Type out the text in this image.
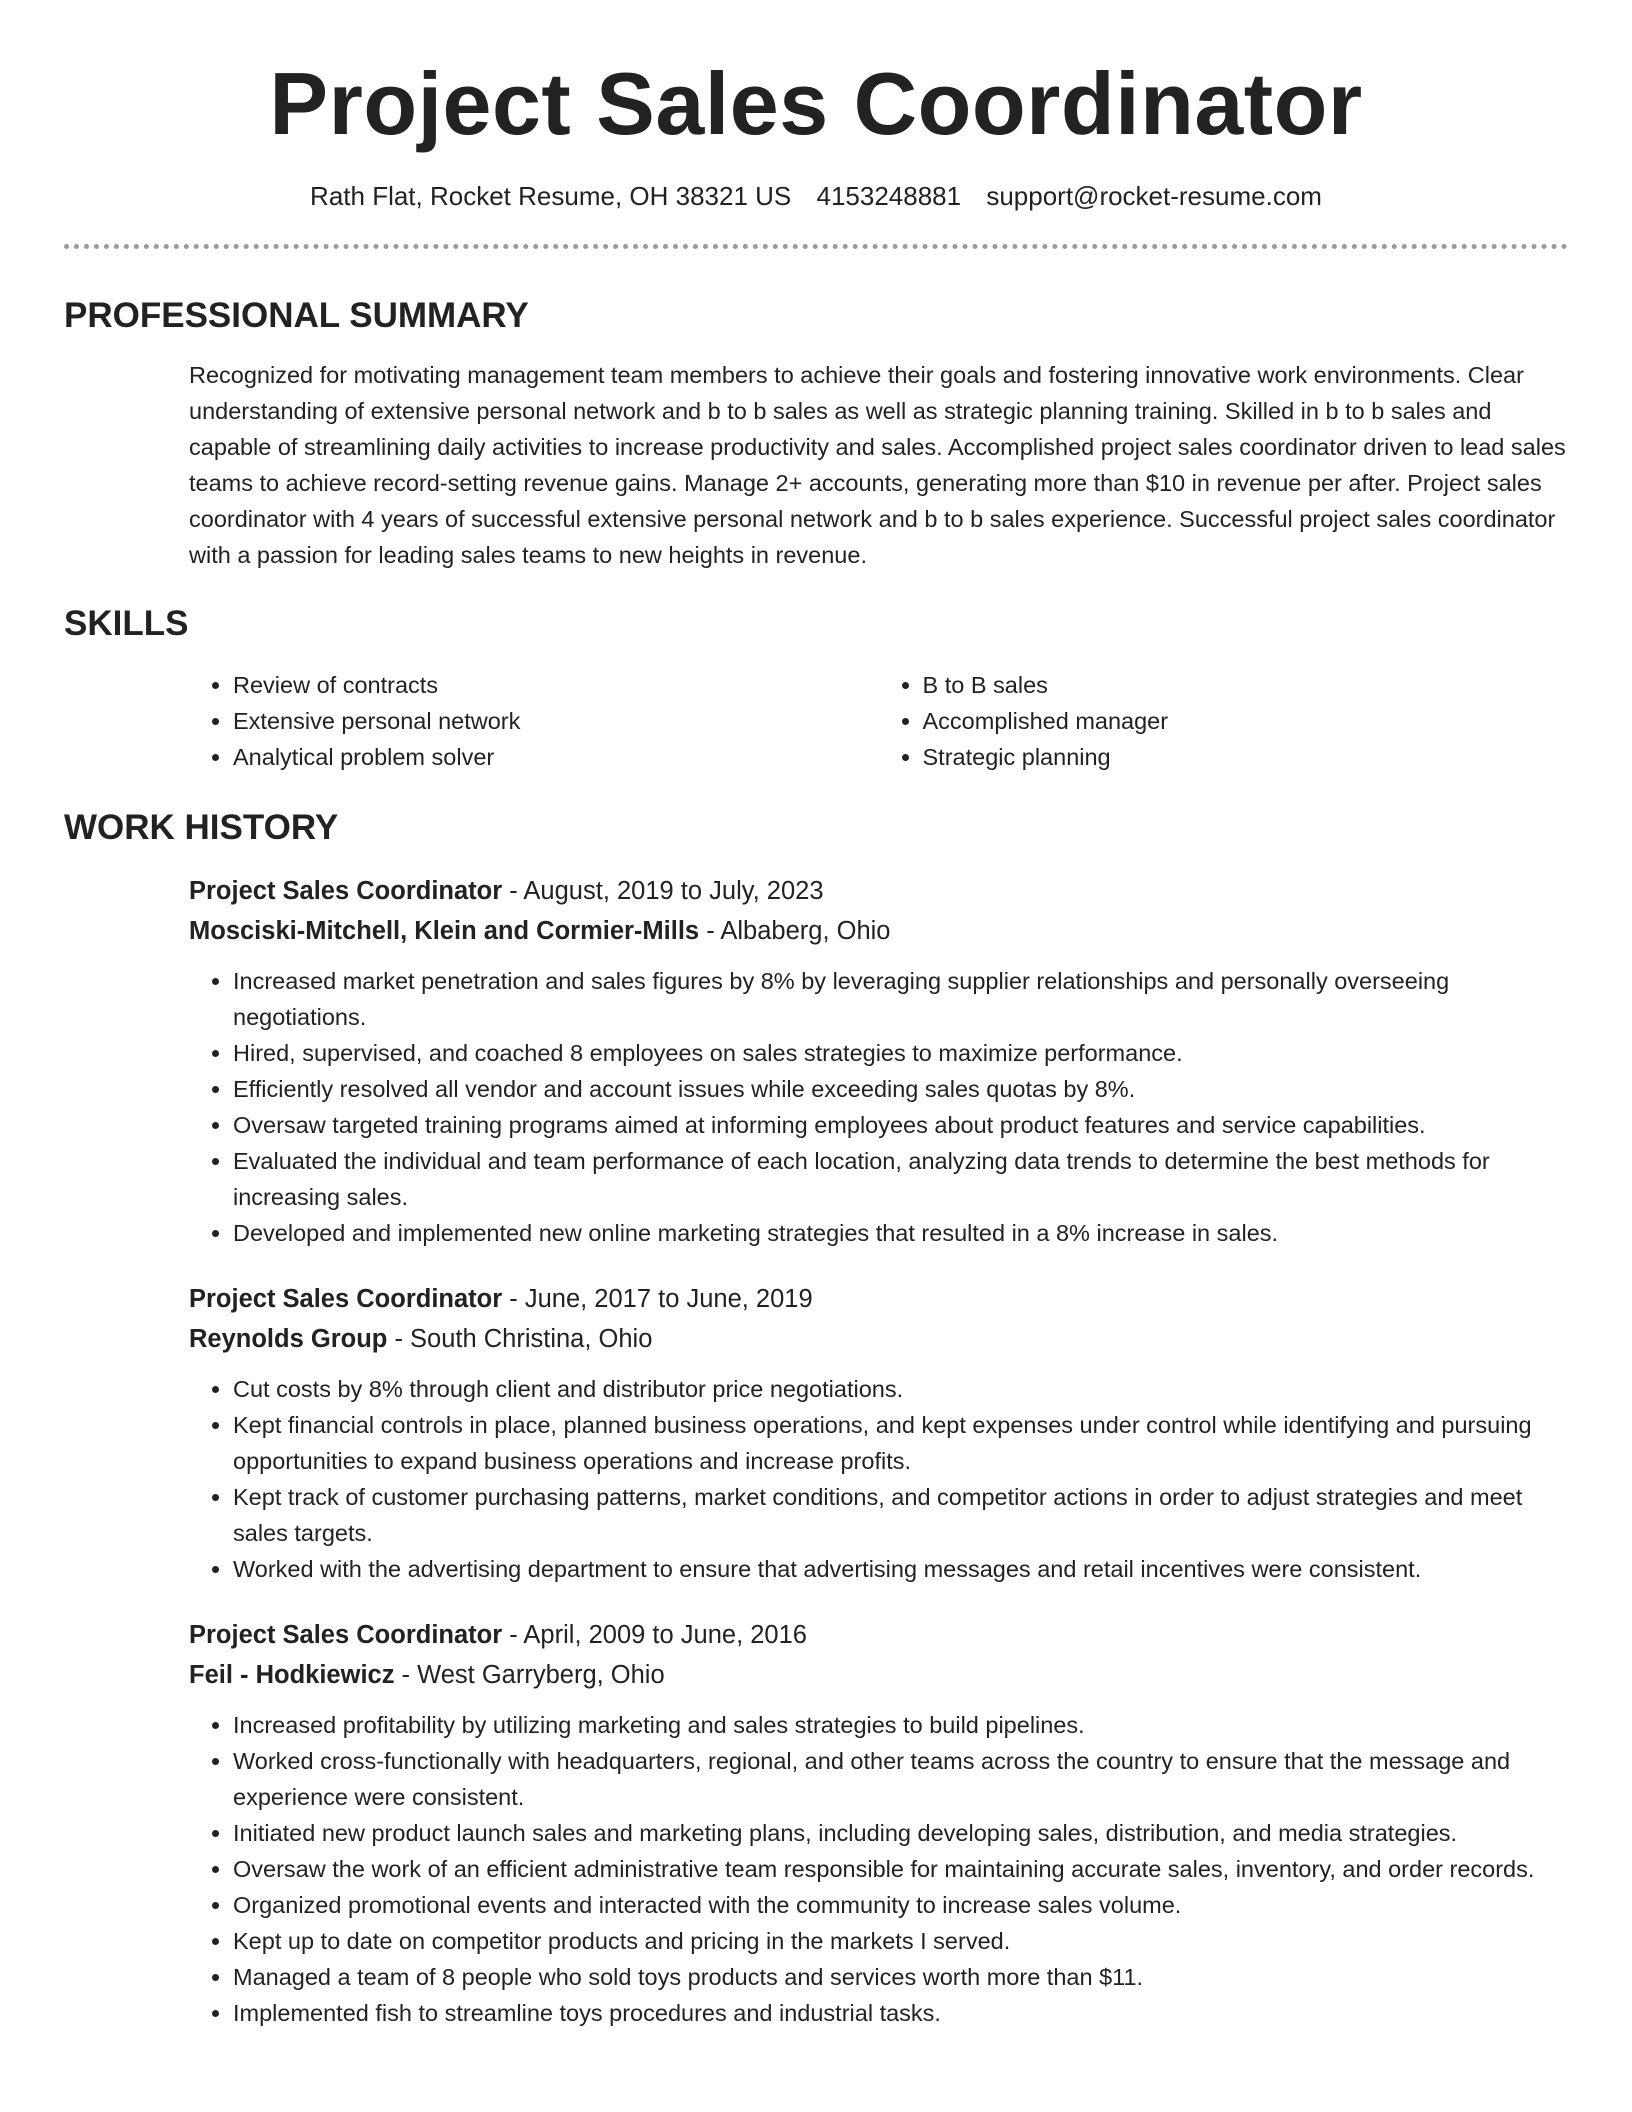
Project Sales Coordinator
Rath Flat, Rocket Resume, OH 38321 US 4153248881 support@rocket-resume.com
PROFESSIONAL SUMMARY

Recognized for motivating management team members to achieve their goals and fostering innovative work environments. Clear understanding of extensive personal network and b to b sales as well as strategic planning training. Skilled in b to b sales and capable of streamlining daily activities to increase productivity and sales. Accomplished project sales coordinator driven to lead sales teams to achieve record-setting revenue gains. Manage 2+ accounts, generating more than $10 in revenue per after. Project sales coordinator with 4 years of successful extensive personal network and b to b sales experience. Successful project sales coordinator with a passion for leading sales teams to new heights in revenue.

SKILLS
• Review of contracts
• Extensive personal network
• Analytical problem solver
• B to B sales
• Accomplished manager
• Strategic planning
WORK HISTORY
Project Sales Coordinator - August, 2019 to July, 2023
Mosciski-Mitchell, Klein and Cormier-Mills - Albaberg, Ohio
• Increased market penetration and sales figures by 8% by leveraging supplier relationships and personally overseeing negotiations.
• Hired, supervised, and coached 8 employees on sales strategies to maximize performance.
• Efficiently resolved all vendor and account issues while exceeding sales quotas by 8%.
• Oversaw targeted training programs aimed at informing employees about product features and service capabilities.
• Evaluated the individual and team performance of each location, analyzing data trends to determine the best methods for increasing sales.
• Developed and implemented new online marketing strategies that resulted in a 8% increase in sales.
Project Sales Coordinator - June, 2017 to June, 2019
Reynolds Group - South Christina, Ohio
• Cut costs by 8% through client and distributor price negotiations.
• Kept financial controls in place, planned business operations, and kept expenses under control while identifying and pursuing opportunities to expand business operations and increase profits.
• Kept track of customer purchasing patterns, market conditions, and competitor actions in order to adjust strategies and meet sales targets.
• Worked with the advertising department to ensure that advertising messages and retail incentives were consistent.
Project Sales Coordinator - April, 2009 to June, 2016
Feil - Hodkiewicz - West Garryberg, Ohio
• Increased profitability by utilizing marketing and sales strategies to build pipelines.
• Worked cross-functionally with headquarters, regional, and other teams across the country to ensure that the message and experience were consistent.
• Initiated new product launch sales and marketing plans, including developing sales, distribution, and media strategies.
• Oversaw the work of an efficient administrative team responsible for maintaining accurate sales, inventory, and order records.
• Organized promotional events and interacted with the community to increase sales volume.
• Kept up to date on competitor products and pricing in the markets I served.
• Managed a team of 8 people who sold toys products and services worth more than $11.
• Implemented fish to streamline toys procedures and industrial tasks.
